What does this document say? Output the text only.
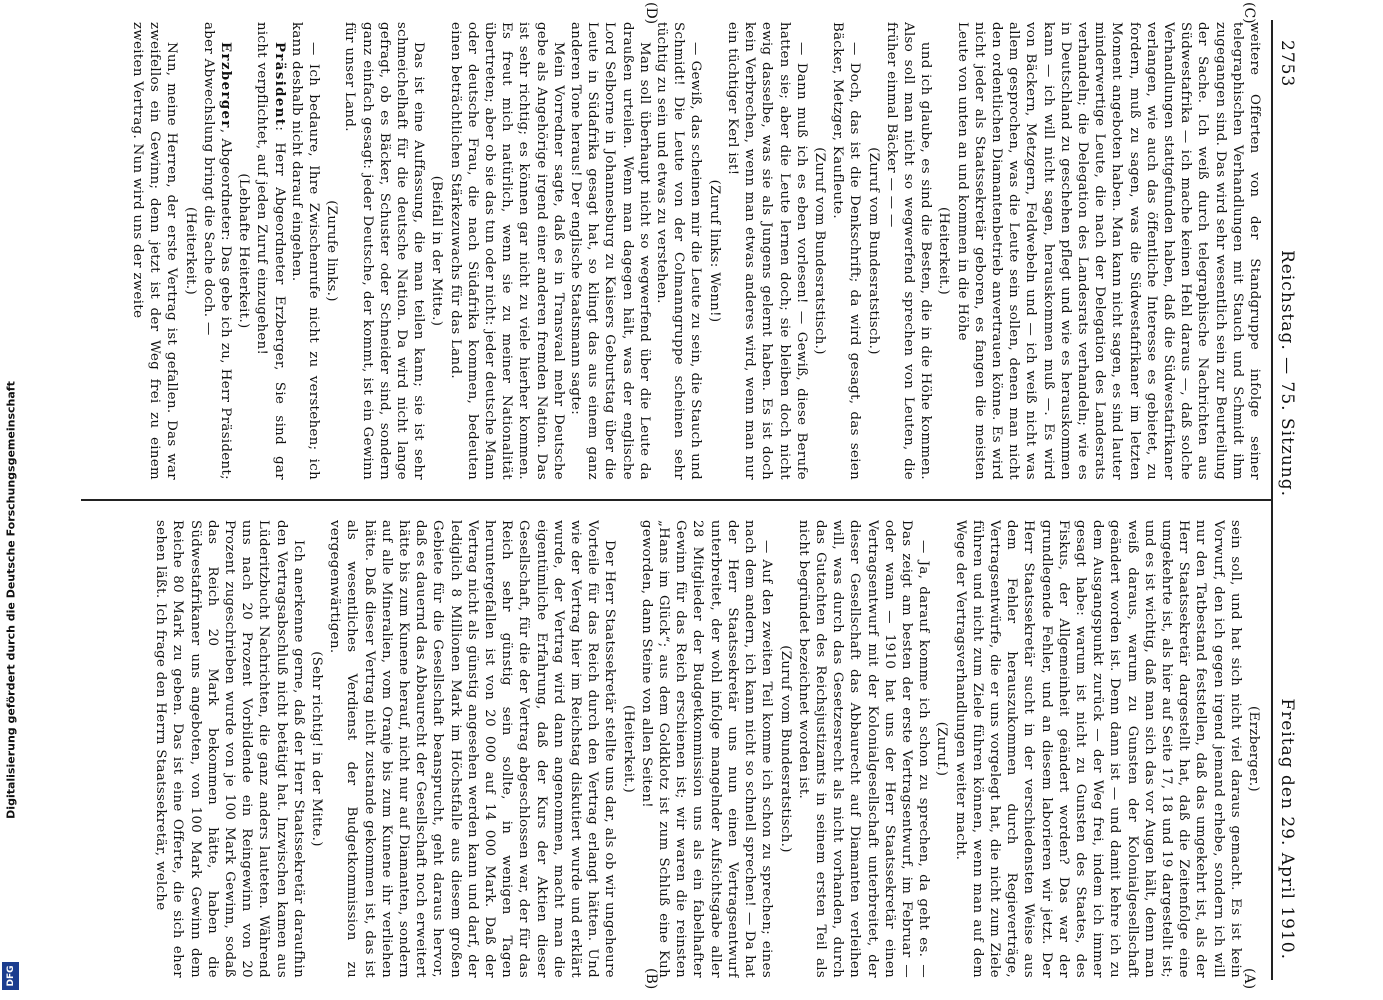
Digitalisierung gefördert durch die Deutsche Forschungsgemeinschaft
DFG
2753
Reichstag. — 75. Sitzung.
Freitag den 29. April 1910.
(C)
(D)
(A)
(B)

weitere Offerten von der Standgruppe infolge seiner telegraphischen Verhandlungen mit Stauch und Schmidt ihm zugegangen sind. Das wird sehr wesentlich sein zur Beurteilung der Sache. Ich weiß durch telegraphische Nachrichten aus Südwestafrika — ich mache keinen Hehl daraus —, daß solche Verhandlungen stattgefunden haben, daß die Südwestafrikaner verlangen, wie auch das öffentliche Interesse es gebietet, zu fordern, muß zu sagen, was die Südwestafrikaner im letzten Moment angeboten haben. Man kann nicht sagen, es sind lauter minderwertige Leute, die nach der Delegation des Landesrats verhandeln; die Delegation des Landesrats verhandeln; wie es in Deutschland zu geschehen pflegt und wie es herauskommen kann — ich will nicht sagen, herauskommen muß —. Es wird von Bäckern, Metzgern, Feldwebeln und — ich weiß nicht was allem gesprochen, was die Leute sein sollen, denen man nicht den ordentlichen Diamantenbetrieb anvertrauen könne. Es wird nicht jeder als Staatssekretär geboren, es fangen die meisten Leute von unten an und kommen in die Höhe

(Heiterkeit.)

und ich glaube, es sind die Besten, die in die Höhe kommen. Also soll man nicht so wegwerfend sprechen von Leuten, die früher einmal Bäcker — — —

(Zuruf vom Bundesratstisch.)

— Doch, das ist die Denkschrift; da wird gesagt, das seien Bäcker, Metzger, Kaufleute.

(Zuruf vom Bundesratstisch.)

— Dann muß ich es eben vorlesen! — Gewiß, diese Berufe hatten sie; aber die Leute lernen doch; sie bleiben doch nicht ewig dasselbe, was sie als Jungens gelernt haben. Es ist doch kein Verbrechen, wenn man etwas anderes wird, wenn man nur ein tüchtiger Kerl ist!

(Zuruf links: Wenn!)

— Gewiß, das scheinen mir die Leute zu sein, die Stauch und Schmidt! Die Leute von der Colmanngruppe scheinen sehr tüchtig zu sein und etwas zu verstehen.

Man soll überhaupt nicht so wegwerfend über die Leute da draußen urteilen. Wenn man dagegen hält, was der englische Lord Selborne in Johannesburg zu Kaisers Geburtstag über die Leute in Südafrika gesagt hat, so klingt das aus einem ganz anderen Tone heraus! Der englische Staatsmann sagte:

Mein Vorredner sagte, daß es in Transvaal mehr Deutsche gebe als Angehörige irgend einer anderen fremden Nation. Das ist sehr richtig; es können gar nicht zu viele hierher kommen. Es freut mich natürlich, wenn sie zu meiner Nationalität übertreten; aber ob sie das tun oder nicht: jeder deutsche Mann oder deutsche Frau, die nach Südafrika kommen, bedeuten einen beträchtlichen Stärkezuwachs für das Land.

(Beifall in der Mitte.)

Das ist eine Auffassung, die man teilen kann; sie ist sehr schmeichelhaft für die deutsche Nation. Da wird nicht lange gefragt, ob es Bäcker, Schuster oder Schneider sind, sondern ganz einfach gesagt: jeder Deutsche, der kommt, ist ein Gewinn für unser Land.

(Zurufe links.)

— Ich bedaure, Ihre Zwischenrufe nicht zu verstehen; ich kann deshalb nicht darauf eingehen.

Präsident: Herr Abgeordneter Erzberger, Sie sind gar nicht verpflichtet, auf jeden Zuruf einzugehen!

(Lebhafte Heiterkeit.)

Erzberger, Abgeordneter: Das gebe ich zu, Herr Präsident; aber Abwechslung bringt die Sache doch. —

(Heiterkeit.)

Nun, meine Herren, der erste Vertrag ist gefallen. Das war zweifellos ein Gewinn; denn jetzt ist der Weg frei zu einem zweiten Vertrag. Nun wird uns der zweite

(Erzberger.)

sein soll, und hat sich nicht viel daraus gemacht. Es ist kein Vorwurf, den ich gegen irgend jemand erhebe, sondern ich will nur den Tatbestand feststellen, daß das umgekehrt ist, als der Herr Staatssekretär dargestellt hat, daß die Zeitenfolge eine umgekehrte ist, als hier auf Seite 17, 18 und 19 dargestellt ist; und es ist wichtig, daß man sich das vor Augen hält, denn man weiß daraus, warum zu Gunsten der Kolonialgesellschaft geändert worden ist. Denn dann ist — und damit kehre ich zu dem Ausgangspunkt zurück — der Weg frei, indem ich immer gesagt habe: warum ist nicht zu Gunsten des Staates, des Fiskus, der Allgemeinheit geändert worden? Das war der grundlegende Fehler, und an diesem laborieren wir jetzt. Der Herr Staatssekretär sucht in der verschiedensten Weise aus dem Fehler herauszukommen durch Regieverträge, Vertragsentwürfe, die er uns vorgelegt hat, die nicht zum Ziele führen und nicht zum Ziele führen können, wenn man auf dem Wege der Vertragsverhandlungen weiter macht.

(Zuruf.)

— Ja, darauf komme ich schon zu sprechen, da geht es. — Das zeigt am besten der erste Vertragsentwurf, im Februar — oder wann — 1910 hat uns der Herr Staatssekretär einen Vertragsentwurf mit der Kolonialgesellschaft unterbreitet, der dieser Gesellschaft das Abbaurecht auf Diamanten verleihen will, was durch das Gesetzesrecht als nicht vorhanden, durch das Gutachten des Reichsjustizamts in seinem ersten Teil als nicht begründet bezeichnet worden ist.

(Zuruf vom Bundesratstisch.)

— Auf den zweiten Teil komme ich schon zu sprechen; eines nach dem andern, ich kann nicht so schnell sprechen! — Da hat der Herr Staatssekretär uns nun einen Vertragsentwurf unterbreitet, der wohl infolge mangelnder Aufsichtsgabe aller 28 Mitglieder der Budgetkommission uns als ein fabelhafter Gewinn für das Reich erschienen ist; wir waren die reinsten „Hans im Glück“; aus dem Goldklotz ist zum Schluß eine Kuh geworden, dann Steine von allen Seiten!

(Heiterkeit.)

Der Herr Staatssekretär stellte uns dar, als ob wir ungeheure Vorteile für das Reich durch den Vertrag erlangt hätten. Und wie der Vertrag hier im Reichstag diskutiert wurde und erklärt wurde, der Vertrag wird dann angenommen, macht man die eigentümliche Erfahrung, daß der Kurs der Aktien dieser Gesellschaft, für die der Vertrag abgeschlossen war, der für das Reich sehr günstig sein sollte, in wenigen Tagen heruntergefallen ist von 20 000 auf 14 000 Mark. Daß der Vertrag nicht als günstig angesehen werden kann und darf, der lediglich 8 Millionen Mark im Höchstfalle aus diesem großen Gebiete für die Gesellschaft beansprucht, geht daraus hervor, daß es dauernd das Abbaurecht der Gesellschaft noch erweitert hätte bis zum Kunene herauf, nicht nur auf Diamanten, sondern auf alle Mineralien, vom Oranje bis zum Kunene ihr verliehen hätte. Daß dieser Vertrag nicht zustande gekommen ist, das ist als wesentliches Verdienst der Budgetkommission zu vergegenwärtigen.

(Sehr richtig! in der Mitte.)

Ich anerkenne gerne, daß der Herr Staatssekretär daraufhin den Vertragsabschluß nicht betätigt hat. Inzwischen kamen aus Lüderitzbucht Nachrichten, die ganz anders lauteten. Während uns nach 20 Prozent Vorbildende ein Reingewinn von 20 Prozent zugeschrieben wurde von je 100 Mark Gewinn, sodaß das Reich 20 Mark bekommen hätte, haben die Südwestafrikaner uns angeboten, von 100 Mark Gewinn dem Reiche 80 Mark zu geben. Das ist eine Offerte, die sich eher sehen läßt. Ich frage den Herrn Staatssekretär, welche
